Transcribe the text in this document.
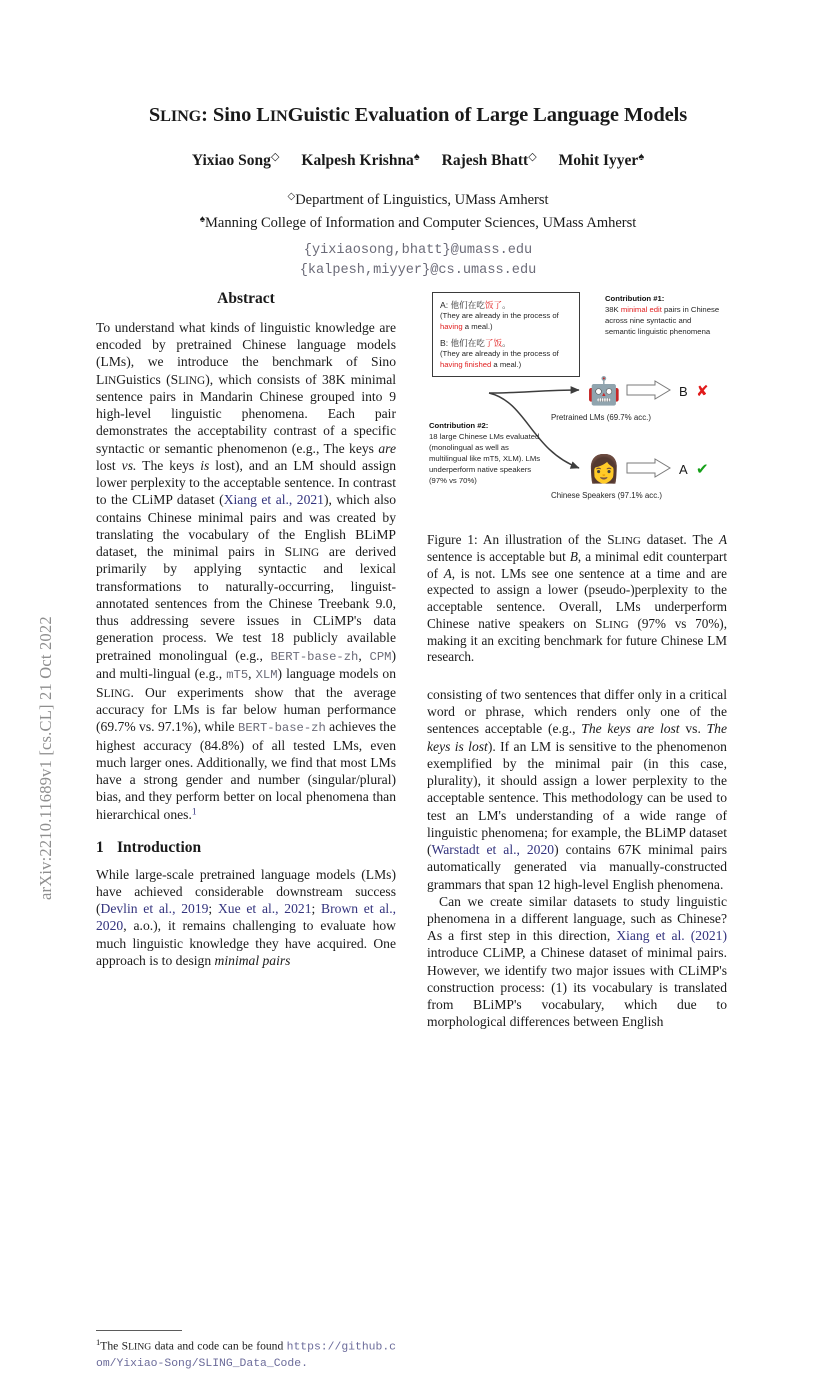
arXiv:2210.11689v1 [cs.CL] 21 Oct 2022
SLING: Sino LINGuistic Evaluation of Large Language Models
Yixiao Song◇ Kalpesh Krishna♠ Rajesh Bhatt◇ Mohit Iyyer♠
◇Department of Linguistics, UMass Amherst
♠Manning College of Information and Computer Sciences, UMass Amherst
{yixiaosong,bhatt}@umass.edu
{kalpesh,miyyer}@cs.umass.edu
Abstract

To understand what kinds of linguistic knowledge are encoded by pretrained Chinese language models (LMs), we introduce the benchmark of Sino LINGuistics (SLING), which consists of 38K minimal sentence pairs in Mandarin Chinese grouped into 9 high-level linguistic phenomena. Each pair demonstrates the acceptability contrast of a specific syntactic or semantic phenomenon (e.g., The keys are lost vs. The keys is lost), and an LM should assign lower perplexity to the acceptable sentence. In contrast to the CLiMP dataset (Xiang et al., 2021), which also contains Chinese minimal pairs and was created by translating the vocabulary of the English BLiMP dataset, the minimal pairs in SLING are derived primarily by applying syntactic and lexical transformations to naturally-occurring, linguist-annotated sentences from the Chinese Treebank 9.0, thus addressing severe issues in CLiMP's data generation process. We test 18 publicly available pretrained monolingual (e.g., BERT-base-zh, CPM) and multi-lingual (e.g., mT5, XLM) language models on SLING. Our experiments show that the average accuracy for LMs is far below human performance (69.7% vs. 97.1%), while BERT-base-zh achieves the highest accuracy (84.8%) of all tested LMs, even much larger ones. Additionally, we find that most LMs have a strong gender and number (singular/plural) bias, and they perform better on local phenomena than hierarchical ones.$^1$

1 Introduction

While large-scale pretrained language models (LMs) have achieved considerable downstream success (Devlin et al., 2019; Xue et al., 2021; Brown et al., 2020, a.o.), it remains challenging to evaluate how much linguistic knowledge they have acquired. One approach is to design minimal pairs

$^1$The SLING data and code can be found https://github.com/Yixiao-Song/SLING_Data_Code.
A: 他们在吃饭了。
(They are already in the process of having a meal.)
B: 他们在吃了饭。
(They are already in the process of having finished a meal.)
Contribution #1:
38K minimal edit pairs in Chinese across nine syntactic and semantic linguistic phenomena
Contribution #2:
18 large Chinese LMs evaluated (monolingual as well as multilingual like mT5, XLM). LMs underperform native speakers (97% vs 70%)
🤖
👩
Pretrained LMs (69.7% acc.)
Chinese Speakers (97.1% acc.)
B ✘
A ✔

Figure 1: An illustration of the SLING dataset. The A sentence is acceptable but B, a minimal edit counterpart of A, is not. LMs see one sentence at a time and are expected to assign a lower (pseudo-)perplexity to the acceptable sentence. Overall, LMs underperform Chinese native speakers on SLING (97% vs 70%), making it an exciting benchmark for future Chinese LM research.

consisting of two sentences that differ only in a critical word or phrase, which renders only one of the sentences acceptable (e.g., The keys are lost vs. The keys is lost). If an LM is sensitive to the phenomenon exemplified by the minimal pair (in this case, plurality), it should assign a lower perplexity to the acceptable sentence. This methodology can be used to test an LM's understanding of a wide range of linguistic phenomena; for example, the BLiMP dataset (Warstadt et al., 2020) contains 67K minimal pairs automatically generated via manually-constructed grammars that span 12 high-level English phenomena.

Can we create similar datasets to study linguistic phenomena in a different language, such as Chinese? As a first step in this direction, Xiang et al. (2021) introduce CLiMP, a Chinese dataset of minimal pairs. However, we identify two major issues with CLiMP's construction process: (1) its vocabulary is translated from BLiMP's vocabulary, which due to morphological differences between English
